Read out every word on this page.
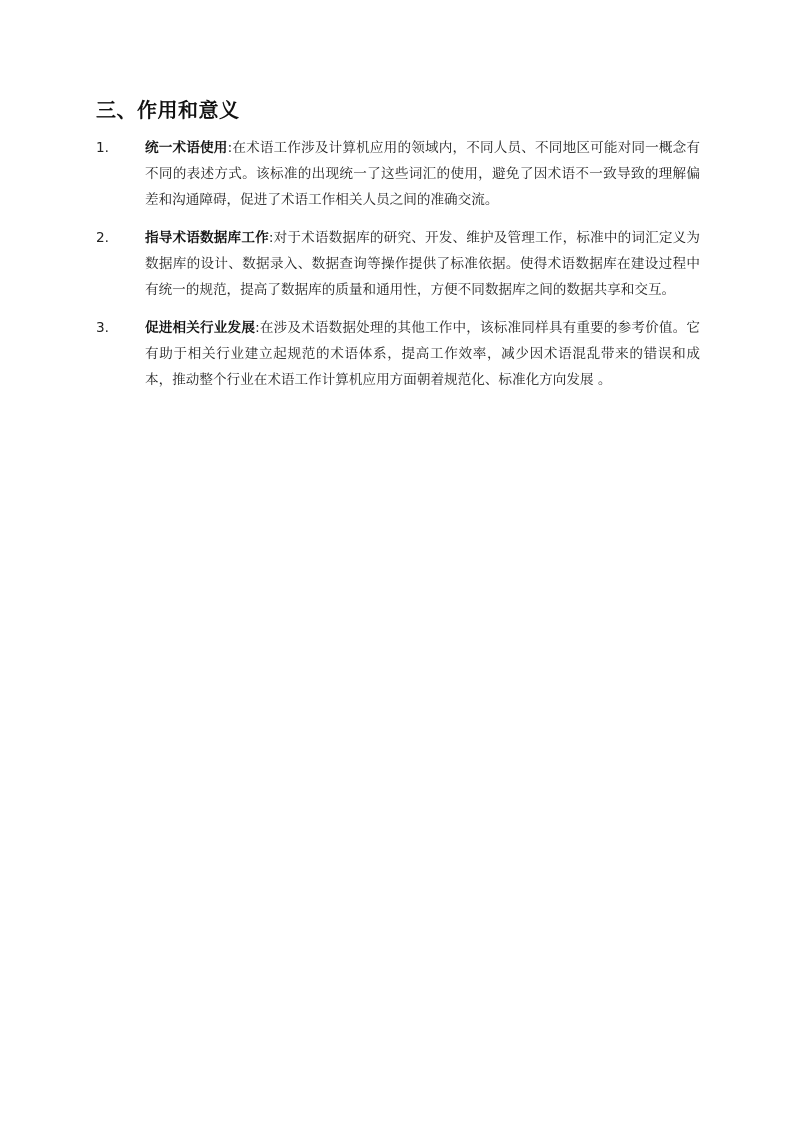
三、作用和意义
1.	统一术语使用:在术语工作涉及计算机应用的领域内，不同人员、不同地区可能对同一概念有不同的表述方式。该标准的出现统一了这些词汇的使用，避免了因术语不一致导致的理解偏差和沟通障碍，促进了术语工作相关人员之间的准确交流。
2.	指导术语数据库工作:对于术语数据库的研究、开发、维护及管理工作，标准中的词汇定义为数据库的设计、数据录入、数据查询等操作提供了标准依据。使得术语数据库在建设过程中有统一的规范，提高了数据库的质量和通用性，方便不同数据库之间的数据共享和交互。
3.	促进相关行业发展:在涉及术语数据处理的其他工作中，该标准同样具有重要的参考价值。它有助于相关行业建立起规范的术语体系，提高工作效率，减少因术语混乱带来的错误和成本，推动整个行业在术语工作计算机应用方面朝着规范化、标准化方向发展 。
